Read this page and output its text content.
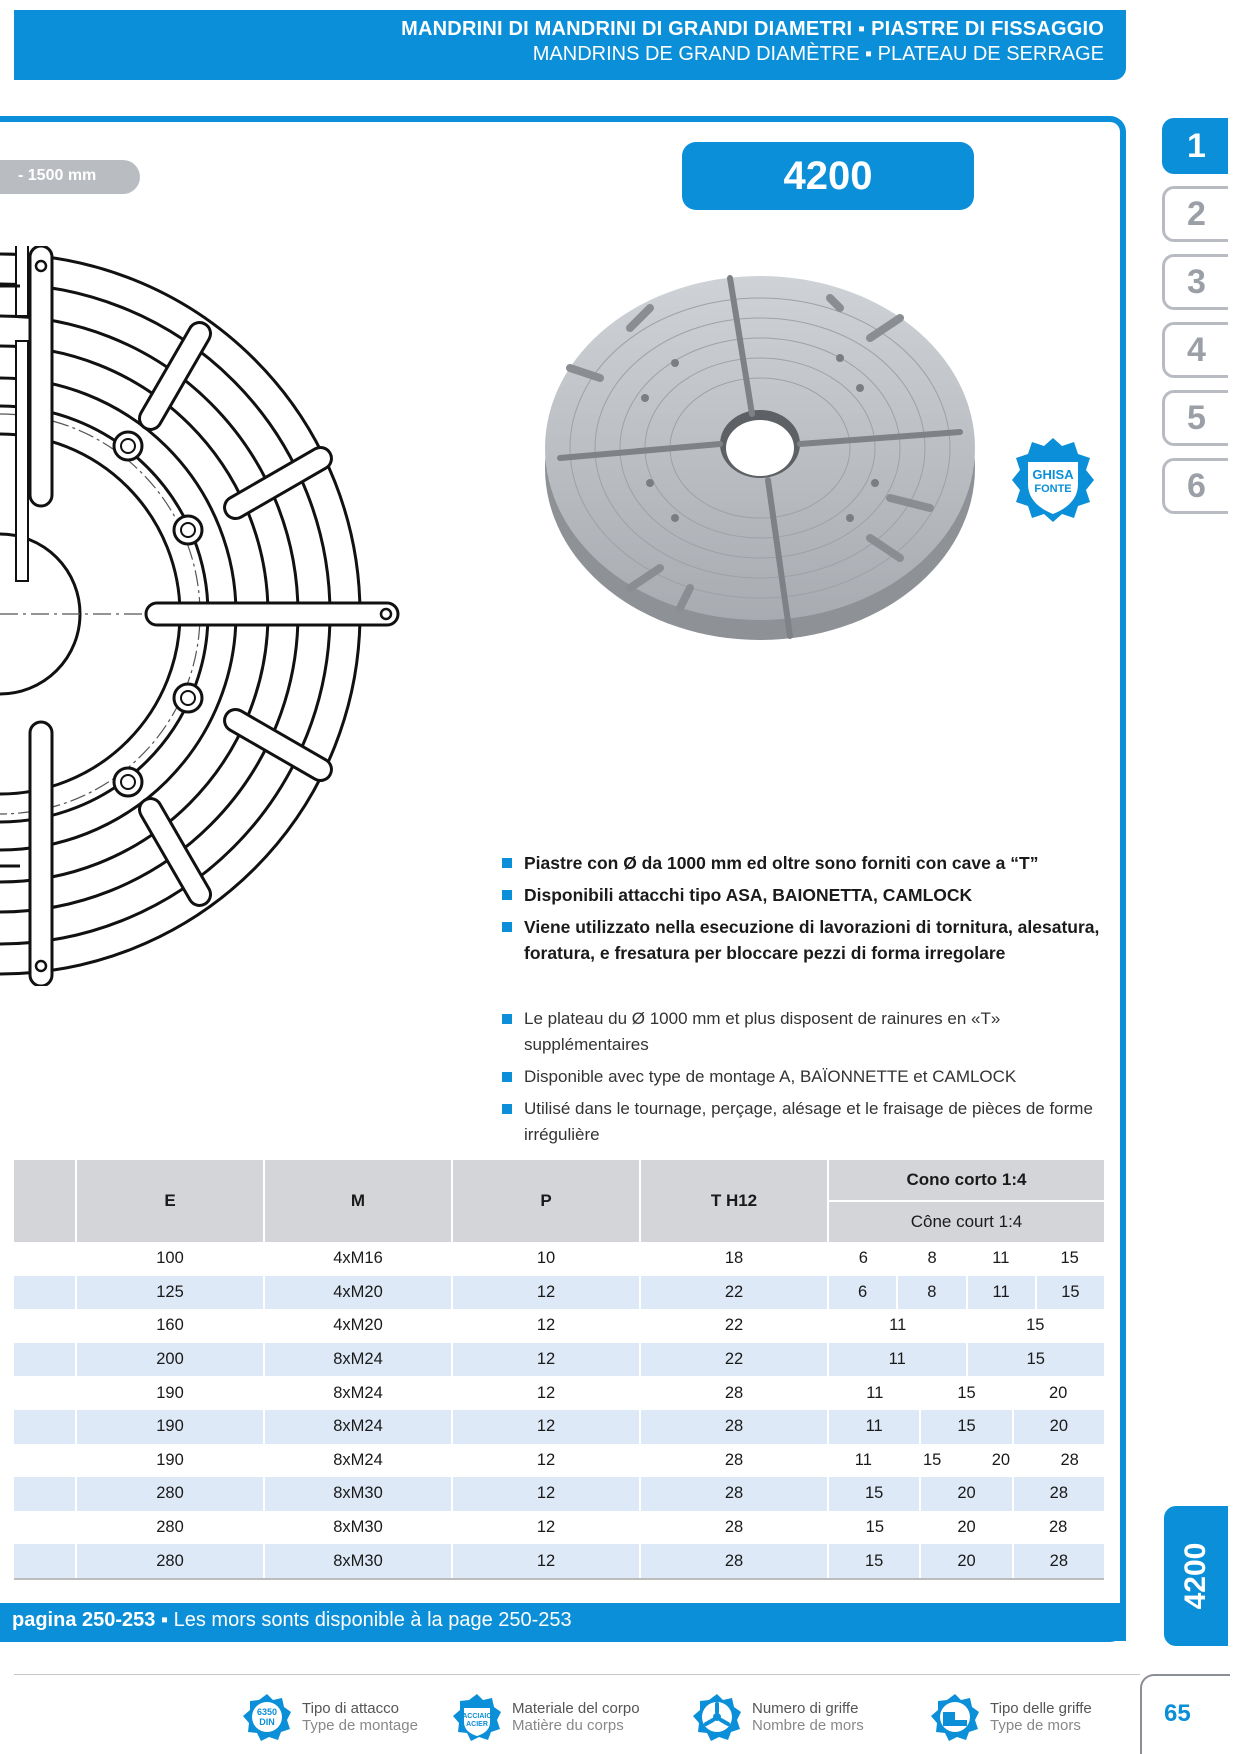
MANDRINI DI MANDRINI DI GRANDI DIAMETRI ▪ PIASTRE DI FISSAGGIO
MANDRINS DE GRAND DIAMÈTRE ▪ PLATEAU DE SERRAGE
- 1500 mm	4200
1
2
3
4
5
6
4200
GHISA
FONTE
Piastre con Ø da 1000 mm ed oltre sono forniti con cave a “T”
Disponibili attacchi tipo ASA, BAIONETTA, CAMLOCK
Viene utilizzato nella esecuzione di lavorazioni di tornitura, alesatura, foratura, e fresatura per bloccare pezzi di forma irregolare
Le plateau du Ø 1000 mm et plus disposent de rainures en «T» supplémentaires
Disponible avec type de montage A, BAÏONNETTE et CAMLOCK
Utilisé dans le tournage, perçage, alésage et le fraisage de pièces de forme irrégulière
	E	M	P	T H12	Cono corto 1:4
					Cône court 1:4
	100	4xM16	10	18	6 8 11 15

	125	4xM20	12	22	6 8 11 15

	160	4xM20	12	22	11 15

	200	8xM24	12	22	11 15

	190	8xM24	12	28	11 15 20

	190	8xM24	12	28	11 15 20

	190	8xM24	12	28	11 15 20 28

	280	8xM30	12	28	15 20 28

	280	8xM30	12	28	15 20 28

	280	8xM30	12	28	15 20 28
pagina 250-253 ▪ Les mors sonts disponible à la page 250-253
6350
DIN
Tipo di attacco
Type de montage
ACCIAIO
ACIER
Materiale del corpo
Matière du corps
Numero di griffe
Nombre de mors
Tipo delle griffe
Type de mors	65
